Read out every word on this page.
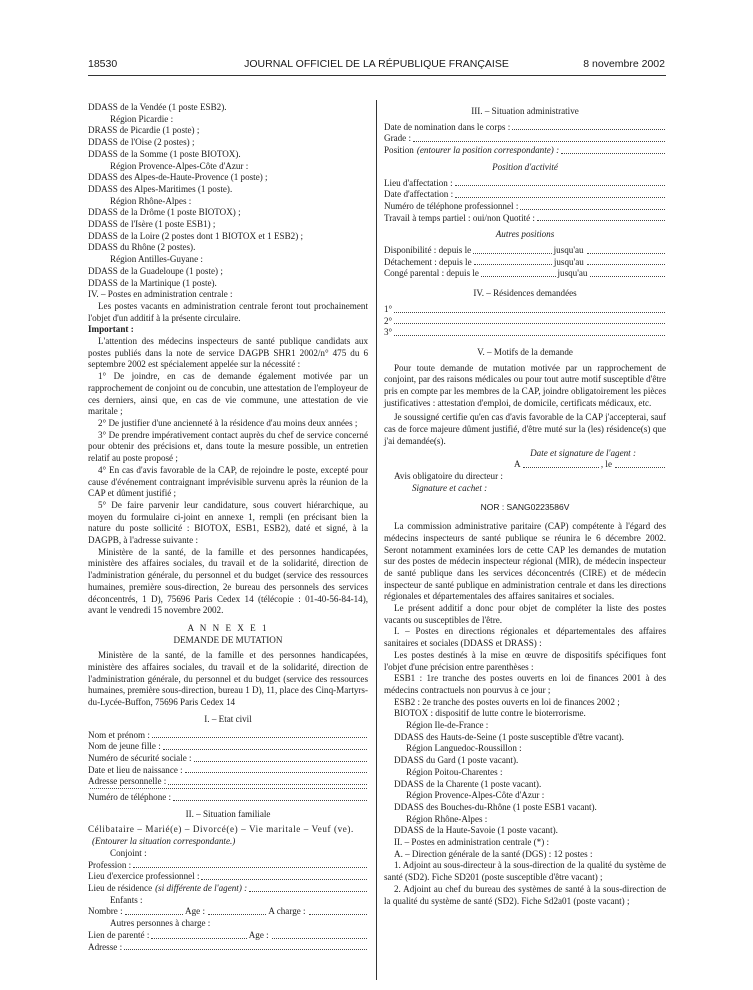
18530	JOURNAL OFFICIEL DE LA RÉPUBLIQUE FRANÇAISE	8 novembre 2002

DDASS de la Vendée (1 poste ESB2).

Région Picardie :

DRASS de Picardie (1 poste) ;

DDASS de l'Oise (2 postes) ;

DDASS de la Somme (1 poste BIOTOX).

Région Provence-Alpes-Côte d'Azur :

DDASS des Alpes-de-Haute-Provence (1 poste) ;

DDASS des Alpes-Maritimes (1 poste).

Région Rhône-Alpes :

DDASS de la Drôme (1 poste BIOTOX) ;

DDASS de l'Isère (1 poste ESB1) ;

DDASS de la Loire (2 postes dont 1 BIOTOX et 1 ESB2) ;

DDASS du Rhône (2 postes).

Région Antilles-Guyane :

DDASS de la Guadeloupe (1 poste) ;

DDASS de la Martinique (1 poste).

IV. – Postes en administration centrale :

Les postes vacants en administration centrale feront tout prochainement l'objet d'un additif à la présente circulaire.

Important :

L'attention des médecins inspecteurs de santé publique candidats aux postes publiés dans la note de service DAGPB SHR1 2002/n° 475 du 6 septembre 2002 est spécialement appelée sur la nécessité :

1° De joindre, en cas de demande également motivée par un rapprochement de conjoint ou de concubin, une attestation de l'employeur de ces derniers, ainsi que, en cas de vie commune, une attestation de vie maritale ;

2° De justifier d'une ancienneté à la résidence d'au moins deux années ;

3° De prendre impérativement contact auprès du chef de service concerné pour obtenir des précisions et, dans toute la mesure possible, un entretien relatif au poste proposé ;

4° En cas d'avis favorable de la CAP, de rejoindre le poste, excepté pour cause d'événement contraignant imprévisible survenu après la réunion de la CAP et dûment justifié ;

5° De faire parvenir leur candidature, sous couvert hiérarchique, au moyen du formulaire ci-joint en annexe 1, rempli (en précisant bien la nature du poste sollicité : BIOTOX, ESB1, ESB2), daté et signé, à la DAGPB, à l'adresse suivante :

Ministère de la santé, de la famille et des personnes handicapées, ministère des affaires sociales, du travail et de la solidarité, direction de l'administration générale, du personnel et du budget (service des ressources humaines, première sous-direction, 2e bureau des personnels des services déconcentrés, 1 D), 75696 Paris Cedex 14 (télécopie : 01-40-56-84-14), avant le vendredi 15 novembre 2002.

A N N E X E 1

DEMANDE DE MUTATION

Ministère de la santé, de la famille et des personnes handicapées, ministère des affaires sociales, du travail et de la solidarité, direction de l'administration générale, du personnel et du budget (service des ressources humaines, première sous-direction, bureau 1 D), 11, place des Cinq-Martyrs-du-Lycée-Buffon, 75696 Paris Cedex 14

I. – Etat civil

Nom et prénom :
Nom de jeune fille :
Numéro de sécurité sociale :
Date et lieu de naissance :
Adresse personnelle :
Numéro de téléphone :

II. – Situation familiale

Célibataire – Marié(e) – Divorcé(e) – Vie maritale – Veuf (ve).

(Entourer la situation correspondante.)

Conjoint :

Profession :
Lieu d'exercice professionnel :
Lieu de résidence (si différente de l'agent) :

Enfants :

Nombre :	Age :	A charge :

Autres personnes à charge :

Lien de parenté :	Age :
Adresse :

III. – Situation administrative

Date de nomination dans le corps :
Grade :
Position (entourer la position correspondante) :

Position d'activité

Lieu d'affectation :
Date d'affectation :
Numéro de téléphone professionnel :
Travail à temps partiel : oui/non Quotité :

Autres positions

Disponibilité : depuis le	jusqu'au
Détachement : depuis le	jusqu'au
Congé parental : depuis le	jusqu'au

IV. – Résidences demandées

1°
2°
3°

V. – Motifs de la demande

Pour toute demande de mutation motivée par un rapprochement de conjoint, par des raisons médicales ou pour tout autre motif susceptible d'être pris en compte par les membres de la CAP, joindre obligatoirement les pièces justificatives : attestation d'emploi, de domicile, certificats médicaux, etc.

Je soussigné certifie qu'en cas d'avis favorable de la CAP j'accepterai, sauf cas de force majeure dûment justifié, d'être muté sur la (les) résidence(s) que j'ai demandée(s).

Date et signature de l'agent :

A	, le

Avis obligatoire du directeur :

Signature et cachet :

NOR : SANG0223586V

La commission administrative paritaire (CAP) compétente à l'égard des médecins inspecteurs de santé publique se réunira le 6 décembre 2002. Seront notamment examinées lors de cette CAP les demandes de mutation sur des postes de médecin inspecteur régional (MIR), de médecin inspecteur de santé publique dans les services déconcentrés (CIRE) et de médecin inspecteur de santé publique en administration centrale et dans les directions régionales et départementales des affaires sanitaires et sociales.

Le présent additif a donc pour objet de compléter la liste des postes vacants ou susceptibles de l'être.

I. – Postes en directions régionales et départementales des affaires sanitaires et sociales (DDASS et DRASS) :

Les postes destinés à la mise en œuvre de dispositifs spécifiques font l'objet d'une précision entre parenthèses :

ESB1 : 1re tranche des postes ouverts en loi de finances 2001 à des médecins contractuels non pourvus à ce jour ;

ESB2 : 2e tranche des postes ouverts en loi de finances 2002 ;

BIOTOX : dispositif de lutte contre le bioterrorisme.

Région Ile-de-France :

DDASS des Hauts-de-Seine (1 poste susceptible d'être vacant).

Région Languedoc-Roussillon :

DDASS du Gard (1 poste vacant).

Région Poitou-Charentes :

DDASS de la Charente (1 poste vacant).

Région Provence-Alpes-Côte d'Azur :

DDASS des Bouches-du-Rhône (1 poste ESB1 vacant).

Région Rhône-Alpes :

DDASS de la Haute-Savoie (1 poste vacant).

II. – Postes en administration centrale (*) :

A. – Direction générale de la santé (DGS) : 12 postes :

1. Adjoint au sous-directeur à la sous-direction de la qualité du système de santé (SD2). Fiche SD201 (poste susceptible d'être vacant) ;

2. Adjoint au chef du bureau des systèmes de santé à la sous-direction de la qualité du système de santé (SD2). Fiche Sd2a01 (poste vacant) ;
